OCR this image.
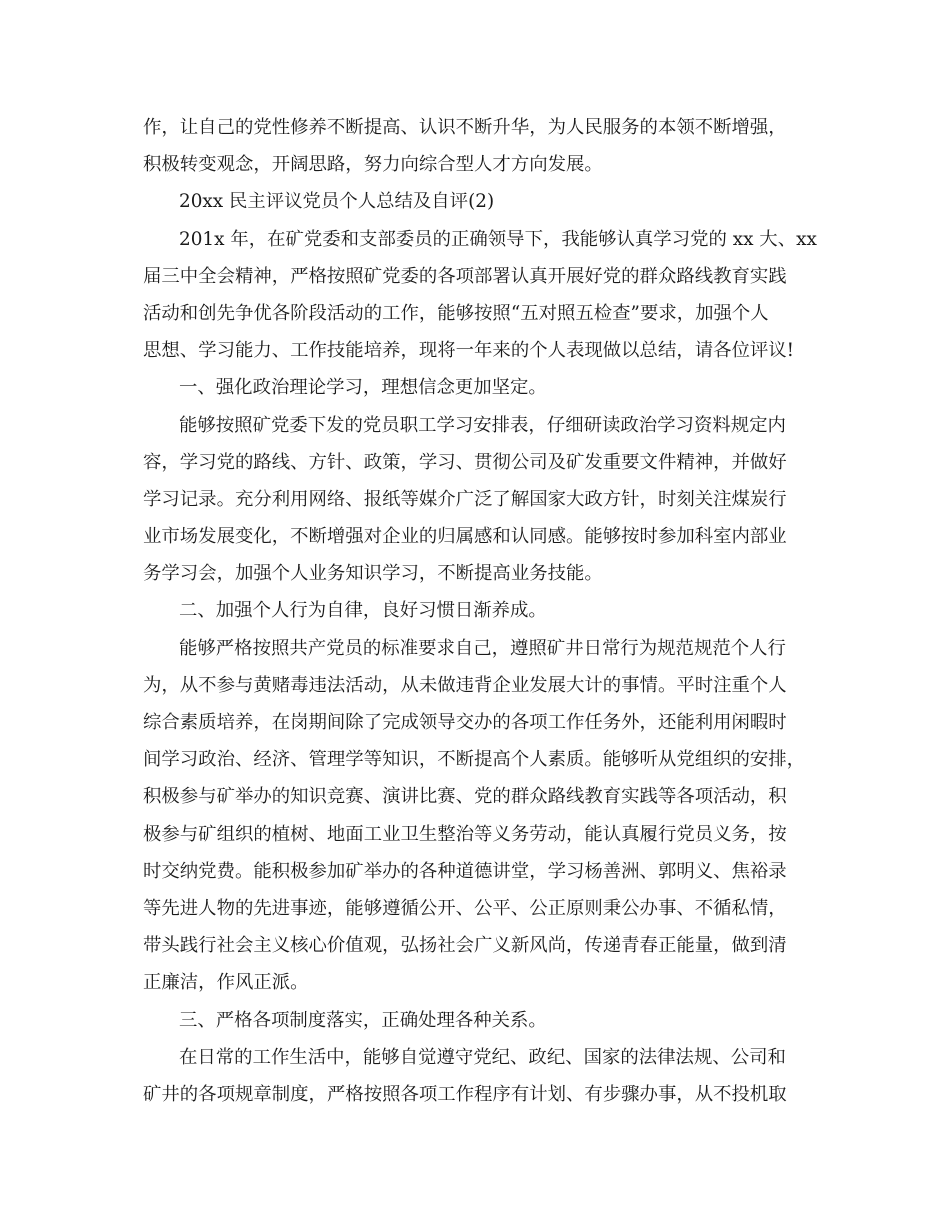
作，让自己的党性修养不断提高、认识不断升华，为人民服务的本领不断增强，
积极转变观念，开阔思路，努力向综合型人才方向发展。
20xx 民主评议党员个人总结及自评(2)
201x 年，在矿党委和支部委员的正确领导下，我能够认真学习党的 xx 大、xx
届三中全会精神，严格按照矿党委的各项部署认真开展好党的群众路线教育实践
活动和创先争优各阶段活动的工作，能够按照“五对照五检查”要求，加强个人
思想、学习能力、工作技能培养，现将一年来的个人表现做以总结，请各位评议!
一、强化政治理论学习，理想信念更加坚定。
能够按照矿党委下发的党员职工学习安排表，仔细研读政治学习资料规定内
容，学习党的路线、方针、政策，学习、贯彻公司及矿发重要文件精神，并做好
学习记录。充分利用网络、报纸等媒介广泛了解国家大政方针，时刻关注煤炭行
业市场发展变化，不断增强对企业的归属感和认同感。能够按时参加科室内部业
务学习会，加强个人业务知识学习，不断提高业务技能。
二、加强个人行为自律，良好习惯日渐养成。
能够严格按照共产党员的标准要求自己，遵照矿井日常行为规范规范个人行
为，从不参与黄赌毒违法活动，从未做违背企业发展大计的事情。平时注重个人
综合素质培养，在岗期间除了完成领导交办的各项工作任务外，还能利用闲暇时
间学习政治、经济、管理学等知识，不断提高个人素质。能够听从党组织的安排，
积极参与矿举办的知识竞赛、演讲比赛、党的群众路线教育实践等各项活动，积
极参与矿组织的植树、地面工业卫生整治等义务劳动，能认真履行党员义务，按
时交纳党费。能积极参加矿举办的各种道德讲堂，学习杨善洲、郭明义、焦裕录
等先进人物的先进事迹，能够遵循公开、公平、公正原则秉公办事、不循私情，
带头践行社会主义核心价值观，弘扬社会广义新风尚，传递青春正能量，做到清
正廉洁，作风正派。
三、严格各项制度落实，正确处理各种关系。
在日常的工作生活中，能够自觉遵守党纪、政纪、国家的法律法规、公司和
矿井的各项规章制度，严格按照各项工作程序有计划、有步骤办事，从不投机取
